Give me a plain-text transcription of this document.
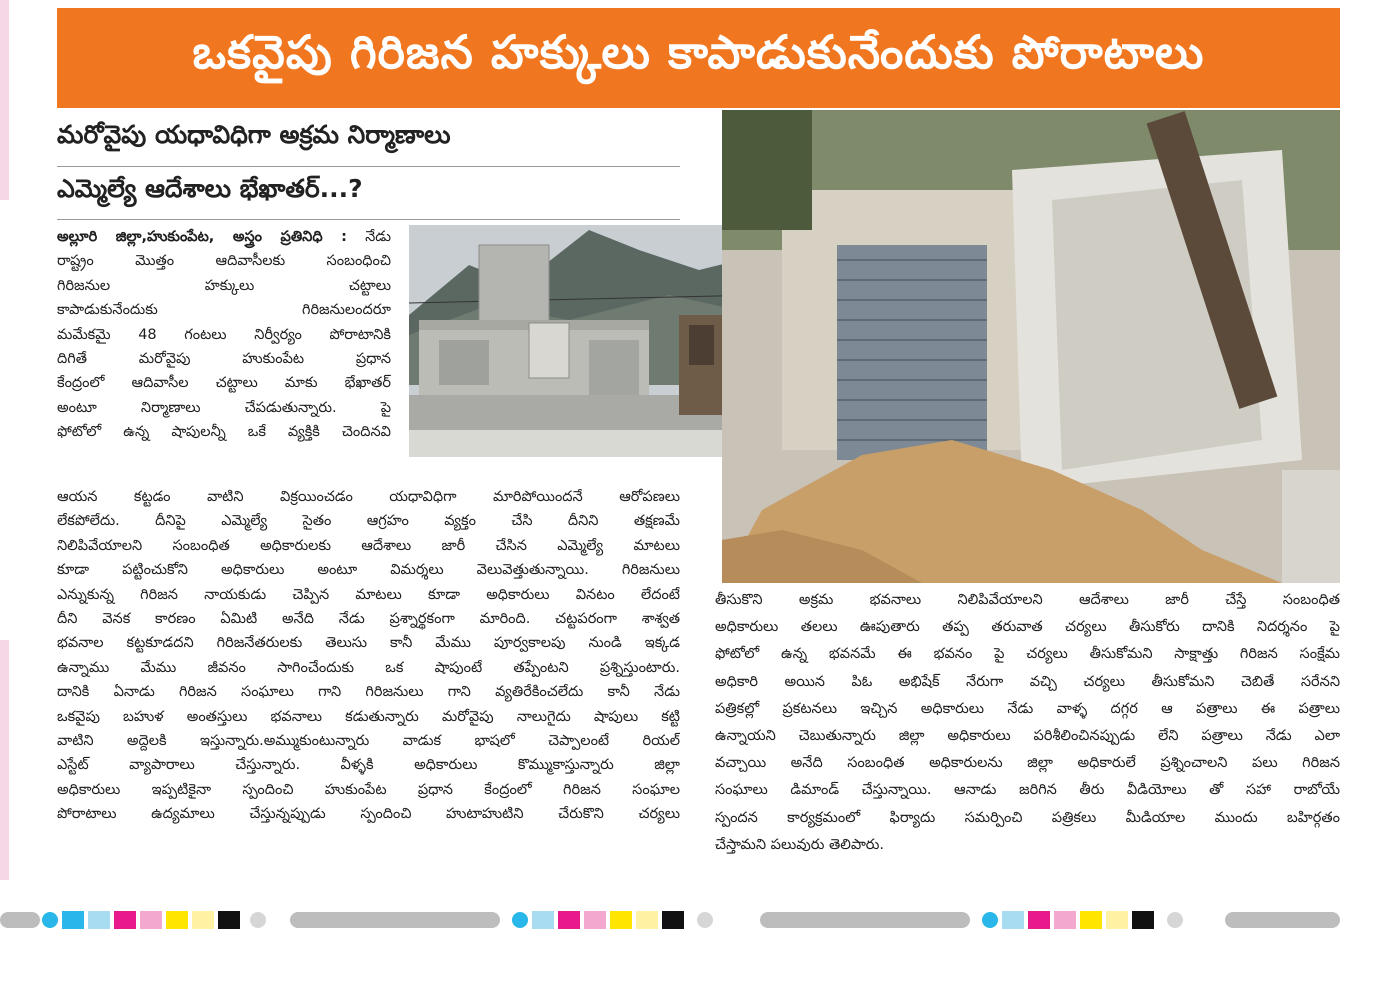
ఒకవైపు గిరిజన హక్కులు కాపాడుకునేందుకు పోరాటాలు
మరోవైపు యధావిధిగా అక్రమ నిర్మాణాలు
ఎమ్మెల్యే ఆదేశాలు భేఖాతర్...?
అల్లూరి జిల్లా,హుకుంపేట, అస్త్రం ప్రతినిధి : నేడు
రాష్ట్రం మొత్తం ఆదివాసీలకు సంబంధించి
గిరిజనుల హక్కులు చట్టాలు
కాపాడుకునేందుకు గిరిజనులందరూ
మమేకమై 48 గంటలు నిర్వీర్యం పోరాటానికి
దిగితే మరోవైపు హుకుంపేట ప్రధాన
కేంద్రంలో ఆదివాసీల చట్టాలు మాకు భేఖాతర్
అంటూ నిర్మాణాలు చేపడుతున్నారు. పై
ఫోటోలో ఉన్న షాపులన్నీ ఒకే వ్యక్తికి చెందినవి
ఆయన కట్టడం వాటిని విక్రయించడం యధావిధిగా మారిపోయిందనే ఆరోపణలు
లేకపోలేదు. దీనిపై ఎమ్మెల్యే సైతం ఆగ్రహం వ్యక్తం చేసి దీనిని తక్షణమే
నిలిపివేయాలని సంబంధిత అధికారులకు ఆదేశాలు జారీ చేసిన ఎమ్మెల్యే మాటలు
కూడా పట్టించుకోని అధికారులు అంటూ విమర్శలు వెలువెత్తుతున్నాయి. గిరిజనులు
ఎన్నుకున్న గిరిజన నాయకుడు చెప్పిన మాటలు కూడా అధికారులు వినటం లేదంటే
దీని వెనక కారణం ఏమిటి అనేది నేడు ప్రశ్నార్థకంగా మారింది. చట్టపరంగా శాశ్వత
భవనాల కట్టకూడదని గిరిజనేతరులకు తెలుసు కానీ మేము పూర్వకాలపు నుండి ఇక్కడ
ఉన్నాము మేము జీవనం సాగించేందుకు ఒక షాపుంటే తప్పేంటని ప్రశ్నిస్తుంటారు.
దానికి ఏనాడు గిరిజన సంఘాలు గాని గిరిజనులు గాని వ్యతిరేకించలేదు కానీ నేడు
ఒకవైపు బహుళ అంతస్తులు భవనాలు కడుతున్నారు మరోవైపు నాలుగైదు షాపులు కట్టి
వాటిని అద్దెలకి ఇస్తున్నారు.అమ్ముకుంటున్నారు వాడుక భాషలో చెప్పాలంటే రియల్
ఎస్టేట్ వ్యాపారాలు చేస్తున్నారు. వీళ్ళకి అధికారులు కొమ్ముకాస్తున్నారు జిల్లా
అధికారులు ఇప్పటికైనా స్పందించి హుకుంపేట ప్రధాన కేంద్రంలో గిరిజన సంఘాల
పోరాటాలు ఉద్యమాలు చేస్తున్నప్పుడు స్పందించి హుటాహుటిని చేరుకొని చర్యలు
తీసుకొని అక్రమ భవనాలు నిలిపివేయాలని ఆదేశాలు జారీ చేస్తే సంబంధిత
అధికారులు తలలు ఊపుతారు తప్ప తరువాత చర్యలు తీసుకోరు దానికి నిదర్శనం పై
ఫోటోలో ఉన్న భవనమే ఈ భవనం పై చర్యలు తీసుకోమని సాక్షాత్తు గిరిజన సంక్షేమ
అధికారి అయిన పిఓ అభిషేక్ నేరుగా వచ్చి చర్యలు తీసుకోమని చెబితే సరేనని
పత్రికల్లో ప్రకటనలు ఇచ్చిన అధికారులు నేడు వాళ్ళ దగ్గర ఆ పత్రాలు ఈ పత్రాలు
ఉన్నాయని చెబుతున్నారు జిల్లా అధికారులు పరిశీలించినప్పుడు లేని పత్రాలు నేడు ఎలా
వచ్చాయి అనేది సంబంధిత అధికారులను జిల్లా అధికారులే ప్రశ్నించాలని పలు గిరిజన
సంఘాలు డిమాండ్ చేస్తున్నాయి. ఆనాడు జరిగిన తీరు వీడియోలు తో సహా రాబోయే
స్పందన కార్యక్రమంలో ఫిర్యాదు సమర్పించి పత్రికలు మీడియాల ముందు బహిర్గతం
చేస్తామని పలువురు తెలిపారు.
